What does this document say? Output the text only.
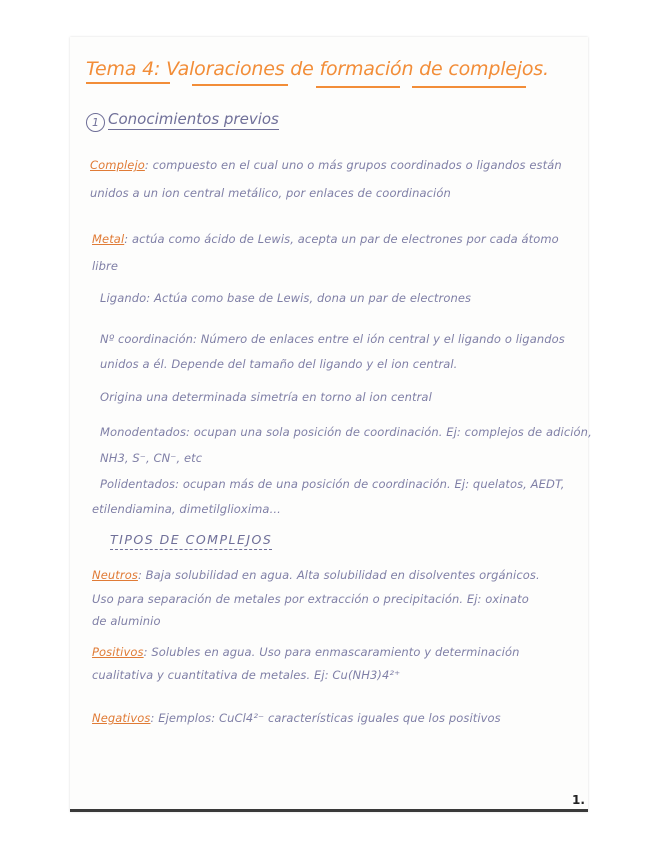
Tema 4: Valoraciones de formación de complejos.
1 Conocimientos previos
Complejo: compuesto en el cual uno o más grupos coordinados o ligandos están
unidos a un ion central metálico, por enlaces de coordinación
Metal: actúa como ácido de Lewis, acepta un par de electrones por cada átomo
libre
Ligando: Actúa como base de Lewis, dona un par de electrones
Nº coordinación: Número de enlaces entre el ión central y el ligando o ligandos
unidos a él. Depende del tamaño del ligando y el ion central.
Origina una determinada simetría en torno al ion central
Monodentados: ocupan una sola posición de coordinación. Ej: complejos de adición,
NH3, S⁻, CN⁻, etc
Polidentados: ocupan más de una posición de coordinación. Ej: quelatos, AEDT,
etilendiamina, dimetilglioxima...
TIPOS DE COMPLEJOS
Neutros: Baja solubilidad en agua. Alta solubilidad en disolventes orgánicos.
Uso para separación de metales por extracción o precipitación. Ej: oxinato
de aluminio
Positivos: Solubles en agua. Uso para enmascaramiento y determinación
cualitativa y cuantitativa de metales. Ej: Cu(NH3)4²⁺
Negativos: Ejemplos: CuCl4²⁻ características iguales que los positivos
1.
